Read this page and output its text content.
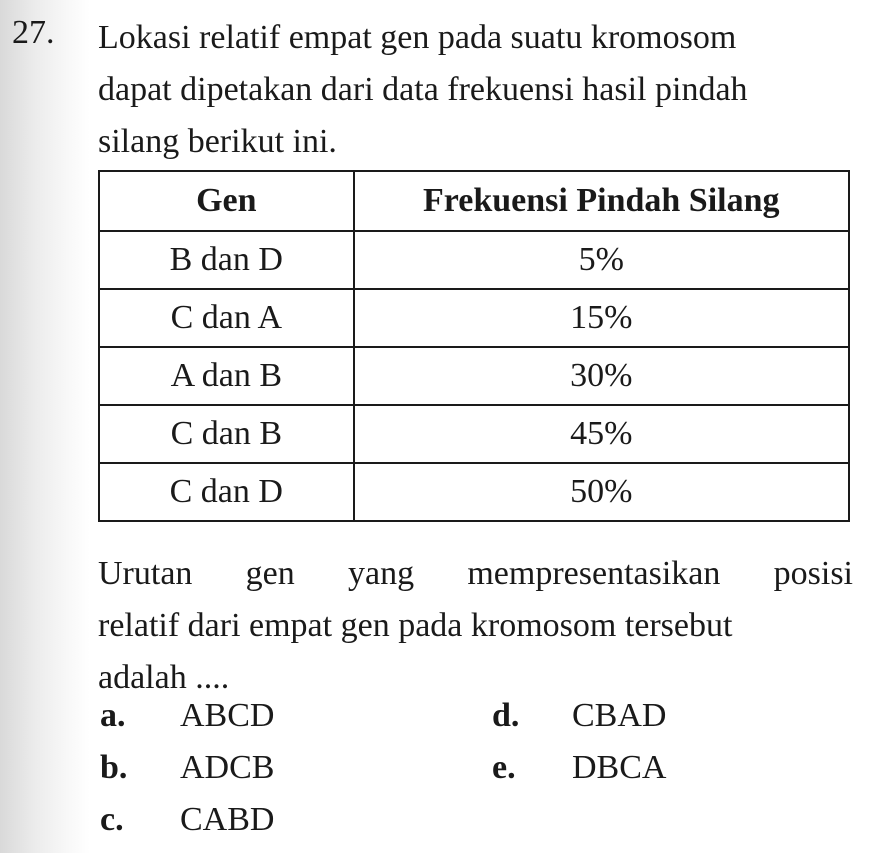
27. Lokasi relatif empat gen pada suatu kromosom
dapat dipetakan dari data frekuensi hasil pindah
silang berikut ini.
Gen	Frekuensi Pindah Silang
B dan D	5%
C dan A	15%
A dan B	30%
C dan B	45%
C dan D	50%
Urutan gen yang mempresentasikan posisi
relatif dari empat gen pada kromosom tersebut
adalah ....
a. ABCD
b. ADCB
c. CABD
d. CBAD
e. DBCA
